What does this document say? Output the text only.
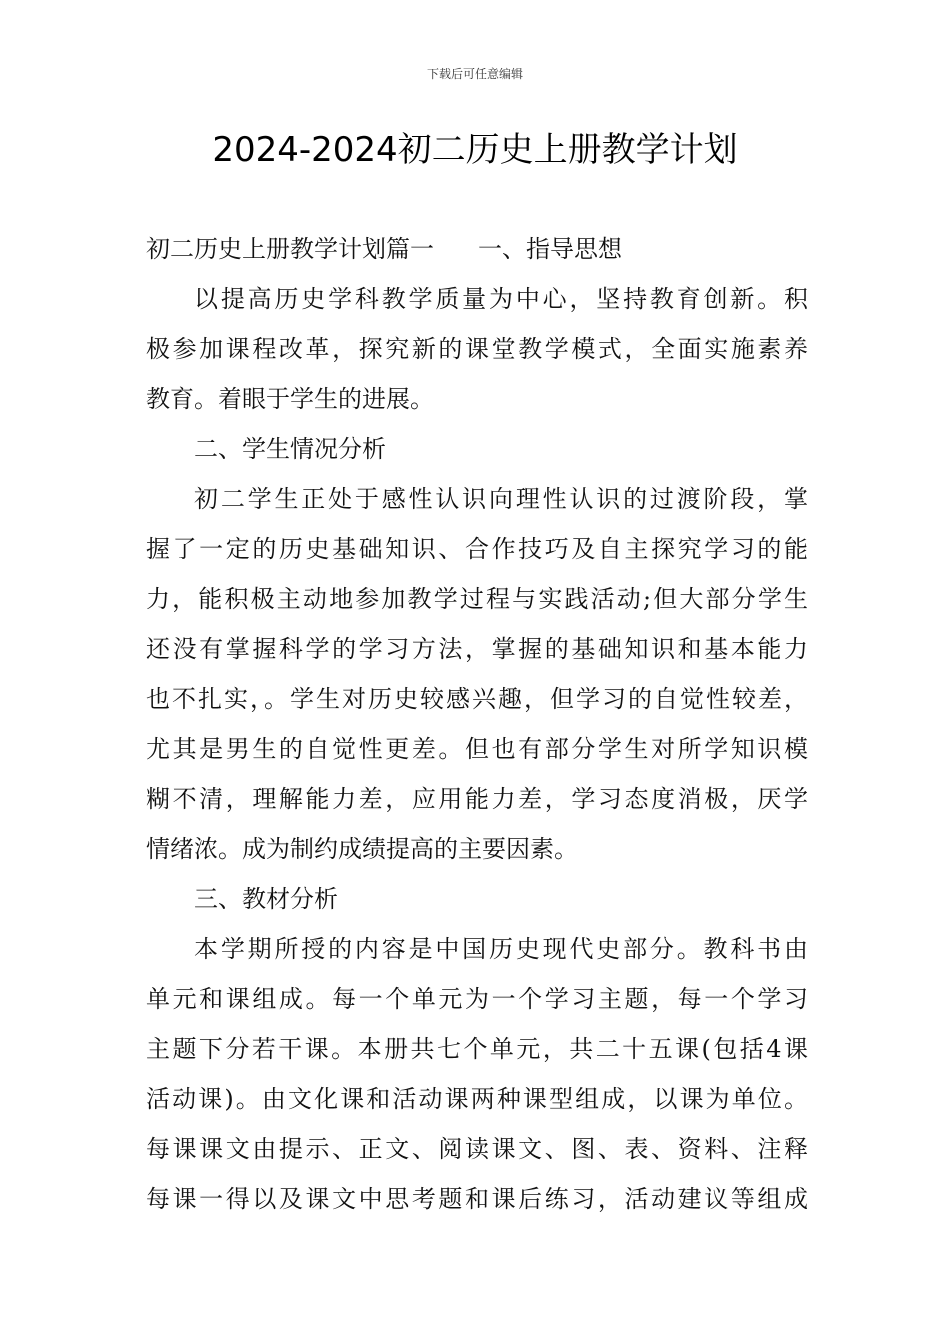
下载后可任意编辑
2024-2024初二历史上册教学计划
初二历史上册教学计划篇一 一、指导思想
以提高历史学科教学质量为中心，坚持教育创新。积
极参加课程改革，探究新的课堂教学模式，全面实施素养
教育。着眼于学生的进展。
二、学生情况分析
初二学生正处于感性认识向理性认识的过渡阶段，掌
握了一定的历史基础知识、合作技巧及自主探究学习的能
力，能积极主动地参加教学过程与实践活动;但大部分学生
还没有掌握科学的学习方法，掌握的基础知识和基本能力
也不扎实，。学生对历史较感兴趣，但学习的自觉性较差，
尤其是男生的自觉性更差。但也有部分学生对所学知识模
糊不清，理解能力差，应用能力差，学习态度消极，厌学
情绪浓。成为制约成绩提高的主要因素。
三、教材分析
本学期所授的内容是中国历史现代史部分。教科书由
单元和课组成。每一个单元为一个学习主题，每一个学习
主题下分若干课。本册共七个单元，共二十五课(包括4课
活动课)。由文化课和活动课两种课型组成，以课为单位。
每课课文由提示、正文、阅读课文、图、表、资料、注释
每课一得以及课文中思考题和课后练习，活动建议等组成
